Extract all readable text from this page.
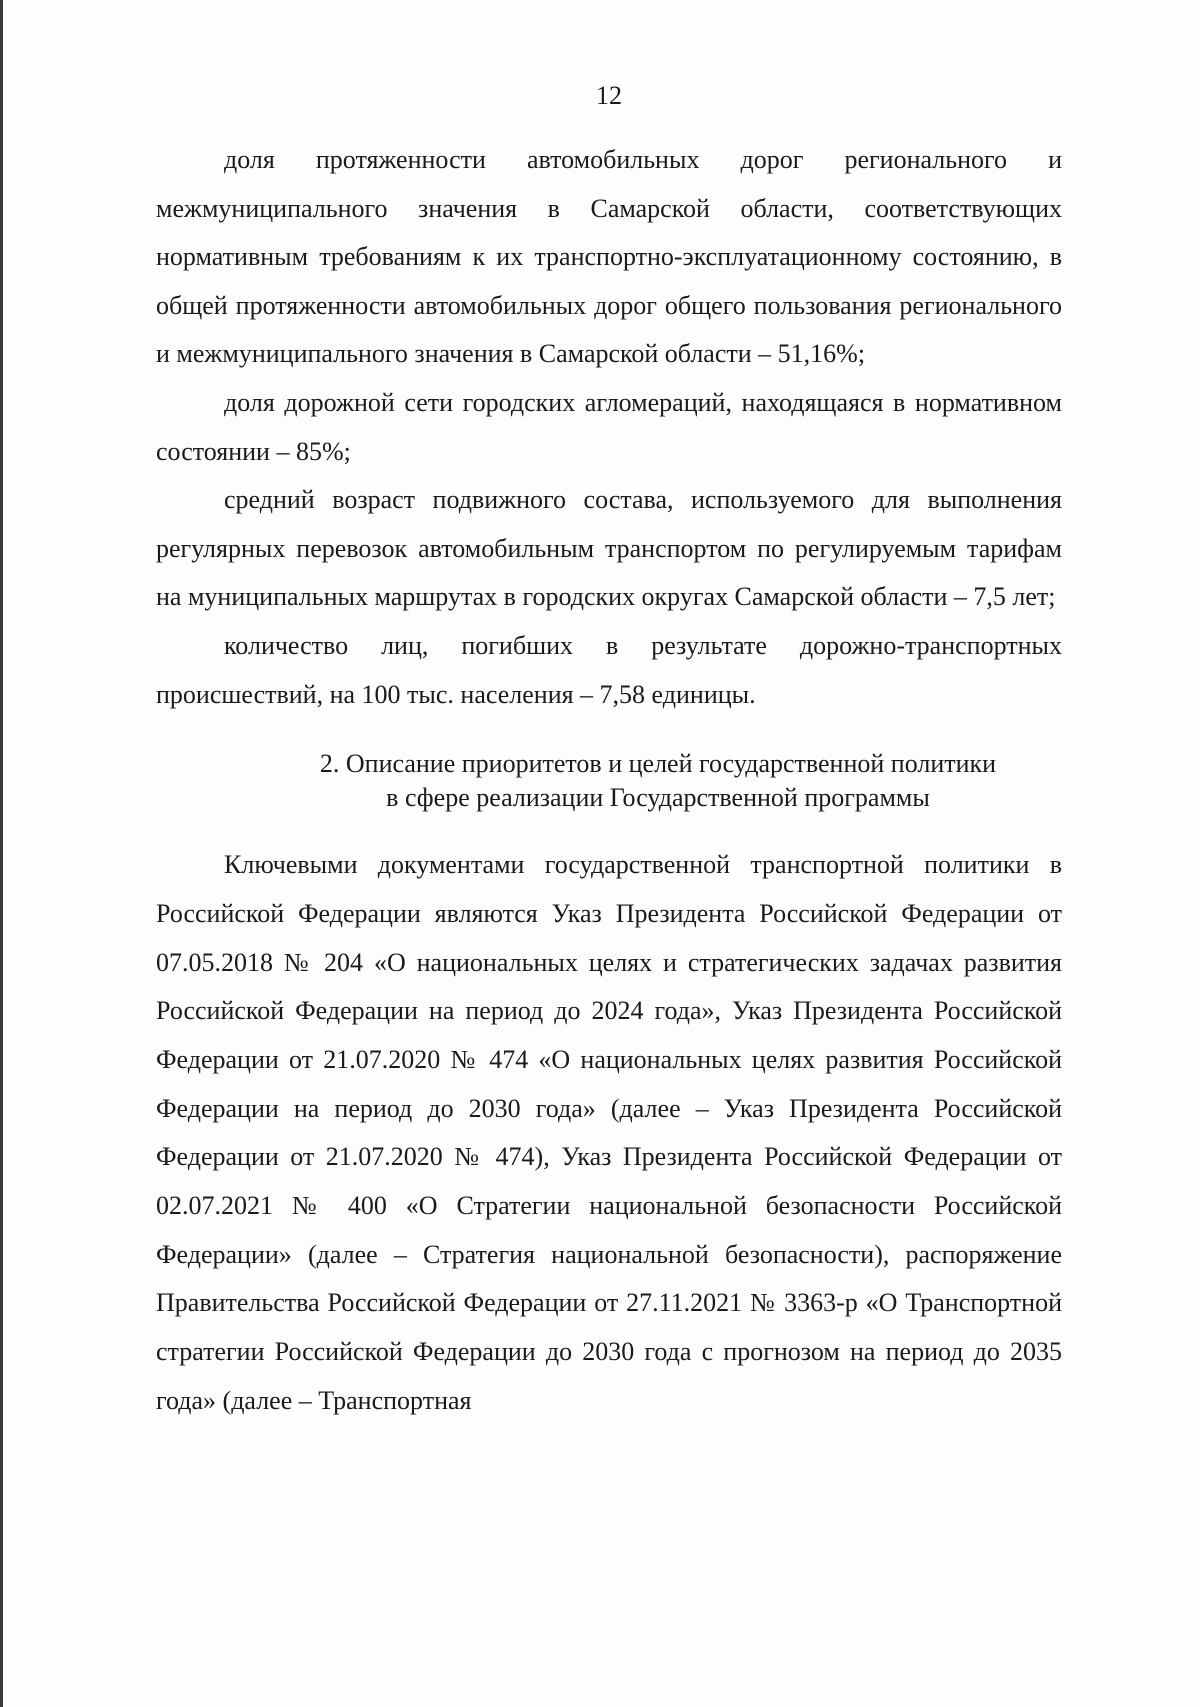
12

доля протяженности автомобильных дорог регионального и межмуниципального значения в Самарской области, соответствующих нормативным требованиям к их транспортно-эксплуатационному состоянию, в общей протяженности автомобильных дорог общего пользования регионального и межмуниципального значения в Самарской области – 51,16%;

доля дорожной сети городских агломераций, находящаяся в нормативном состоянии – 85%;

средний возраст подвижного состава, используемого для выполнения регулярных перевозок автомобильным транспортом по регулируемым тарифам на муниципальных маршрутах в городских округах Самарской области – 7,5 лет;

количество лиц, погибших в результате дорожно-транспортных происшествий, на 100 тыс. населения – 7,58 единицы.

2. Описание приоритетов и целей государственной политики
в сфере реализации Государственной программы

Ключевыми документами государственной транспортной политики в Российской Федерации являются Указ Президента Российской Федерации от 07.05.2018 № 204 «О национальных целях и стратегических задачах развития Российской Федерации на период до 2024 года», Указ Президента Российской Федерации от 21.07.2020 № 474 «О национальных целях развития Российской Федерации на период до 2030 года» (далее – Указ Президента Российской Федерации от 21.07.2020 № 474), Указ Президента Российской Федерации от 02.07.2021 № 400 «О Стратегии национальной безопасности Российской Федерации» (далее – Стратегия национальной безопасности), распоряжение Правительства Российской Федерации от 27.11.2021 № 3363-р «О Транспортной стратегии Российской Федерации до 2030 года с прогнозом на период до 2035 года» (далее – Транспортная
